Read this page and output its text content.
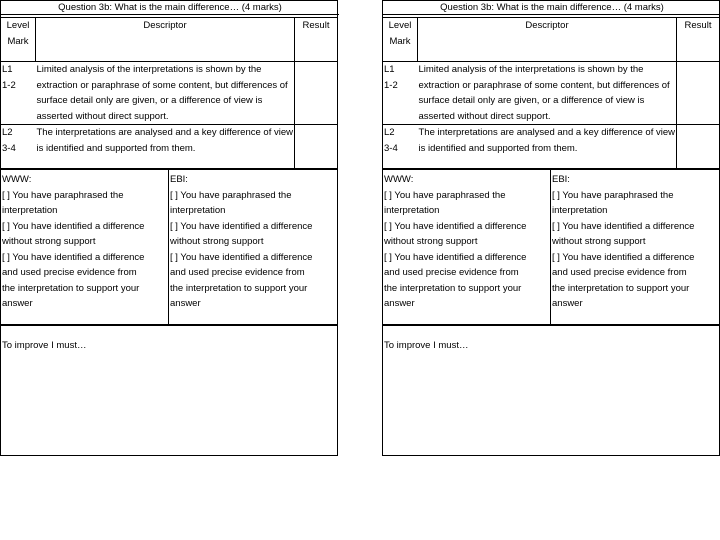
Question 3b: What is the main difference… (4 marks)
Level Mark	Descriptor	Result

L1
1-2	Limited analysis of the interpretations is shown by the extraction or paraphrase of some content, but differences of surface detail only are given, or a difference of view is asserted without direct support.	

L2
3-4	The interpretations are analysed and a key difference of view is identified and supported from them.	
WWW:
[ ] You have paraphrased the
interpretation
[ ] You have identified a difference
without strong support
[ ] You have identified a difference
and used precise evidence from
the interpretation to support your
answer
EBI:
[ ] You have paraphrased the
interpretation
[ ] You have identified a difference
without strong support
[ ] You have identified a difference
and used precise evidence from
the interpretation to support your
answer
To improve I must…
Question 3b: What is the main difference… (4 marks)
Level Mark	Descriptor	Result

L1
1-2	Limited analysis of the interpretations is shown by the extraction or paraphrase of some content, but differences of surface detail only are given, or a difference of view is asserted without direct support.	

L2
3-4	The interpretations are analysed and a key difference of view is identified and supported from them.	
WWW:
[ ] You have paraphrased the
interpretation
[ ] You have identified a difference
without strong support
[ ] You have identified a difference
and used precise evidence from
the interpretation to support your
answer
EBI:
[ ] You have paraphrased the
interpretation
[ ] You have identified a difference
without strong support
[ ] You have identified a difference
and used precise evidence from
the interpretation to support your
answer
To improve I must…
